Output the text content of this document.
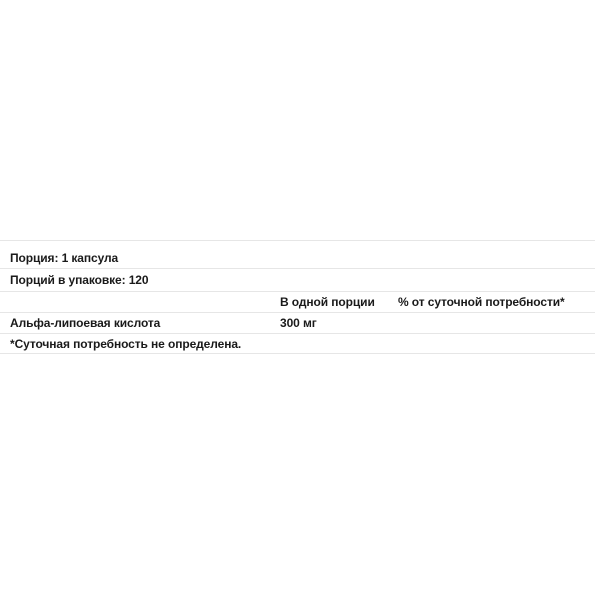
Порция: 1 капсула
Порций в упаковке: 120
В одной порции	% от суточной потребности*
Альфа-липоевая кислота	300 мг
*Суточная потребность не определена.
